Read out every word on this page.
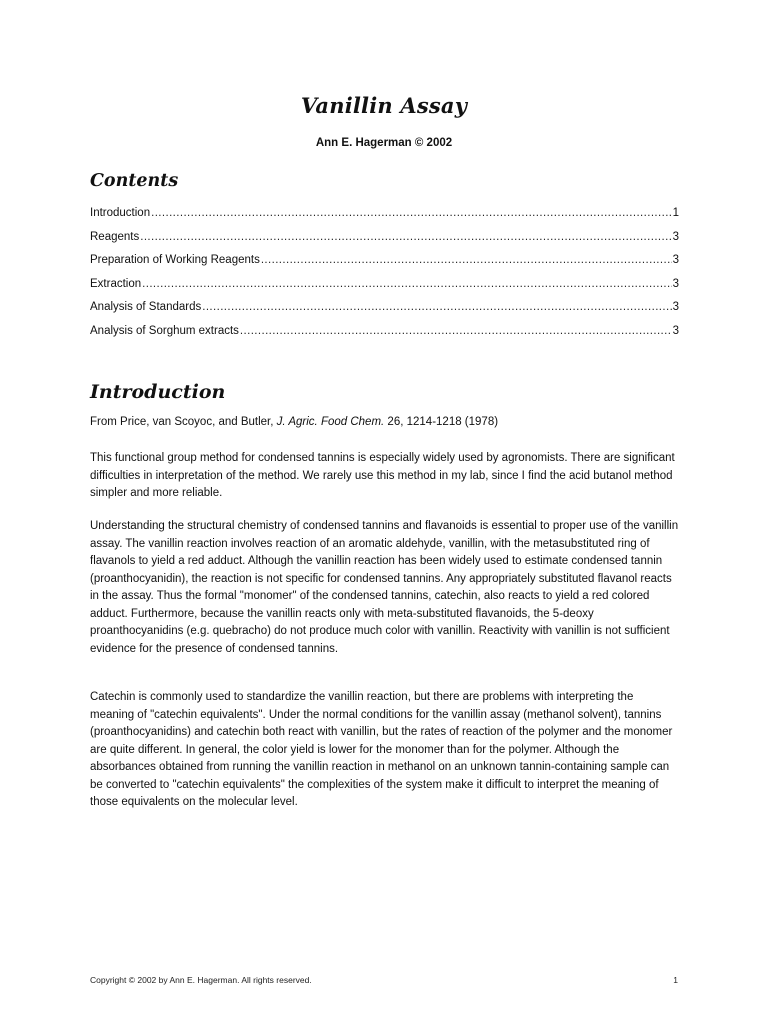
Vanillin Assay
Ann E. Hagerman © 2002
Contents
Introduction .....	1
Reagents .....	3
Preparation of Working Reagents .....	3
Extraction .....	3
Analysis of Standards .....	3
Analysis of Sorghum extracts .....	3
Introduction

From Price, van Scoyoc, and Butler, J. Agric. Food Chem. 26, 1214-1218 (1978)

This functional group method for condensed tannins is especially widely used by agronomists. There are significant difficulties in interpretation of the method. We rarely use this method in my lab, since I find the acid butanol method simpler and more reliable.

Understanding the structural chemistry of condensed tannins and flavanoids is essential to proper use of the vanillin assay. The vanillin reaction involves reaction of an aromatic aldehyde, vanillin, with the metasubstituted ring of flavanols to yield a red adduct. Although the vanillin reaction has been widely used to estimate condensed tannin (proanthocyanidin), the reaction is not specific for condensed tannins. Any appropriately substituted flavanol reacts in the assay. Thus the formal "monomer" of the condensed tannins, catechin, also reacts to yield a red colored adduct. Furthermore, because the vanillin reacts only with meta-substituted flavanoids, the 5-deoxy proanthocyanidins (e.g. quebracho) do not produce much color with vanillin. Reactivity with vanillin is not sufficient evidence for the presence of condensed tannins.

Catechin is commonly used to standardize the vanillin reaction, but there are problems with interpreting the meaning of "catechin equivalents". Under the normal conditions for the vanillin assay (methanol solvent), tannins (proanthocyanidins) and catechin both react with vanillin, but the rates of reaction of the polymer and the monomer are quite different. In general, the color yield is lower for the monomer than for the polymer. Although the absorbances obtained from running the vanillin reaction in methanol on an unknown tannin-containing sample can be converted to "catechin equivalents" the complexities of the system make it difficult to interpret the meaning of those equivalents on the molecular level.

Copyright © 2002 by Ann E. Hagerman. All rights reserved.	1
